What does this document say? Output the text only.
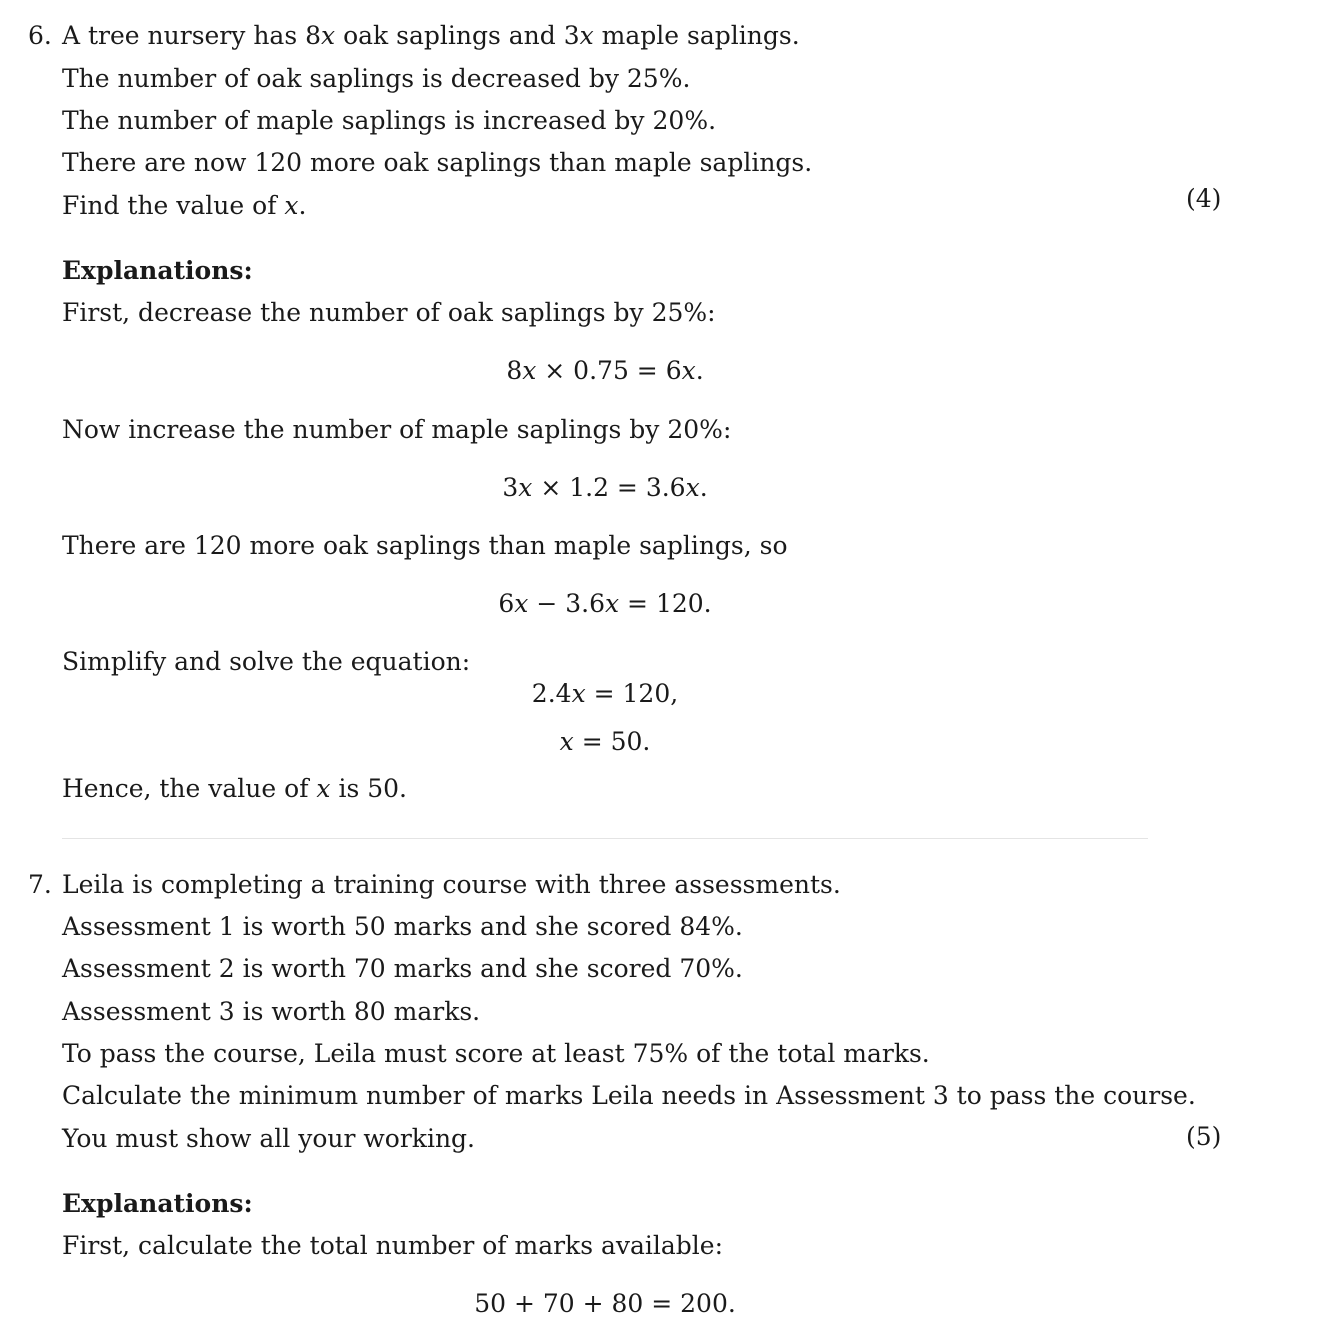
6. A tree nursery has 8x oak saplings and 3x maple saplings.
The number of oak saplings is decreased by 25%.
The number of maple saplings is increased by 20%.
There are now 120 more oak saplings than maple saplings.
Find the value of x.	(4)
Explanations:
First, decrease the number of oak saplings by 25%:
8x × 0.75 = 6x.
Now increase the number of maple saplings by 20%:
3x × 1.2 = 3.6x.
There are 120 more oak saplings than maple saplings, so
6x − 3.6x = 120.
Simplify and solve the equation:
2.4x = 120,
x = 50.
Hence, the value of x is 50.
7. Leila is completing a training course with three assessments.
Assessment 1 is worth 50 marks and she scored 84%.
Assessment 2 is worth 70 marks and she scored 70%.
Assessment 3 is worth 80 marks.
To pass the course, Leila must score at least 75% of the total marks.
Calculate the minimum number of marks Leila needs in Assessment 3 to pass the course.
You must show all your working.	(5)
Explanations:
First, calculate the total number of marks available:
50 + 70 + 80 = 200.
